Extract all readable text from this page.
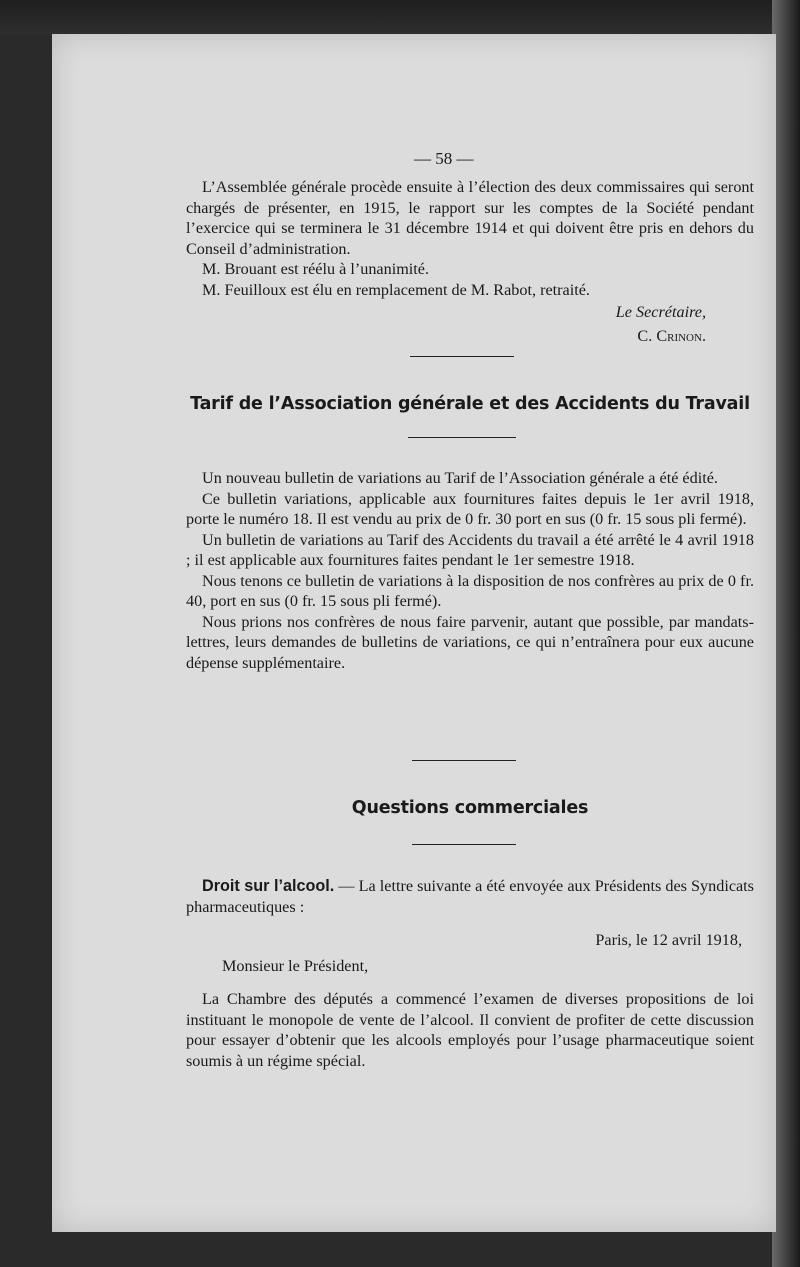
— 58 —

L’Assemblée générale procède ensuite à l’élection des deux commissaires qui seront chargés de présenter, en 1915, le rapport sur les comptes de la Société pendant l’exercice qui se terminera le 31 décembre 1914 et qui doivent être pris en dehors du Conseil d’administration.

M. Brouant est réélu à l’unanimité.

M. Feuilloux est élu en remplacement de M. Rabot, retraité.

Le Secrétaire,
C. Crinon.
Tarif de l’Association générale et des Accidents du Travail

Un nouveau bulletin de variations au Tarif de l’Association générale a été édité.

Ce bulletin variations, applicable aux fournitures faites depuis le 1er avril 1918, porte le numéro 18. Il est vendu au prix de 0 fr. 30 port en sus (0 fr. 15 sous pli fermé).

Un bulletin de variations au Tarif des Accidents du travail a été arrêté le 4 avril 1918 ; il est applicable aux fournitures faites pendant le 1er semestre 1918.

Nous tenons ce bulletin de variations à la disposition de nos confrères au prix de 0 fr. 40, port en sus (0 fr. 15 sous pli fermé).

Nous prions nos confrères de nous faire parvenir, autant que possible, par mandats-lettres, leurs demandes de bulletins de variations, ce qui n’entraînera pour eux aucune dépense supplémentaire.

Questions commerciales

Droit sur l’alcool. — La lettre suivante a été envoyée aux Présidents des Syndicats pharmaceutiques :

Paris, le 12 avril 1918,
Monsieur le Président,

La Chambre des députés a commencé l’examen de diverses propositions de loi instituant le monopole de vente de l’alcool. Il convient de profiter de cette discussion pour essayer d’obtenir que les alcools employés pour l’usage pharmaceutique soient soumis à un régime spécial.
